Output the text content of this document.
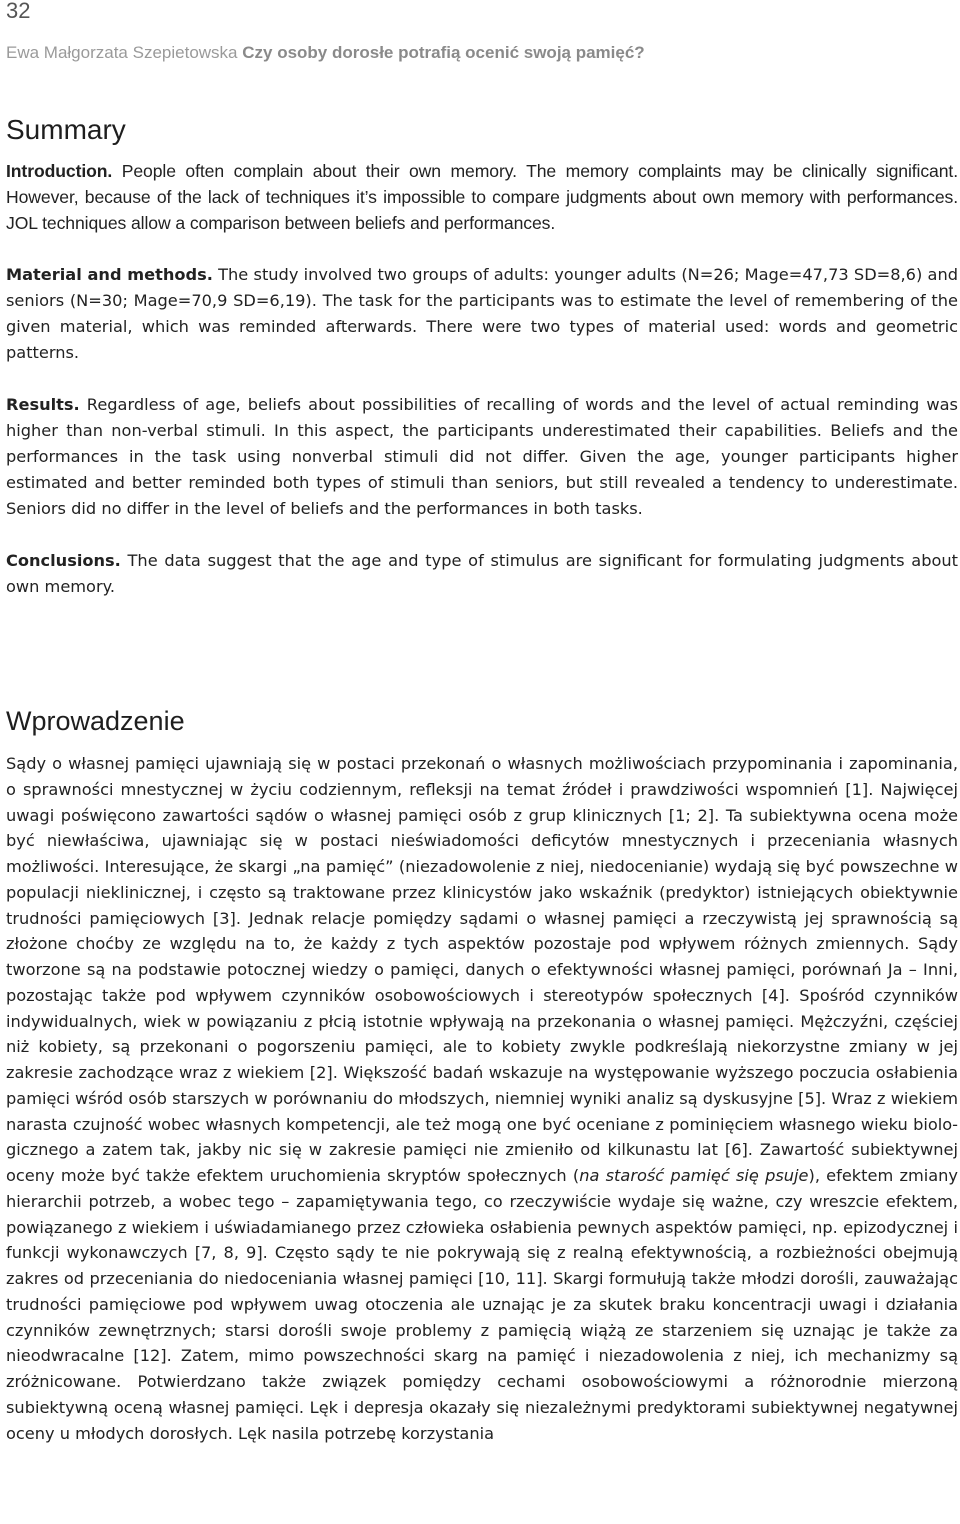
32
Ewa Małgorzata Szepietowska Czy osoby dorosłe potrafią ocenić swoją pamięć?
Summary

Introduction. People often complain about their own memory. The memory complaints may be clinically significant. However, because of the lack of techniques it’s impossible to compare judgments about own memory with performances. JOL techniques allow a comparison between beliefs and performances.

Material and methods. The study involved two groups of adults: younger adults (N=26; Mage=47,73 SD=8,6) and seniors (N=30; Mage=70,9 SD=6,19). The task for the participants was to estimate the level of remembering of the given material, which was reminded afterwards. There were two types of material used: words and geometric patterns.

Results. Regardless of age, beliefs about possibilities of recalling of words and the level of actual reminding was higher than non-verbal stimuli. In this aspect, the participants underestimated their capabilities. Beliefs and the performances in the task using nonverbal stimuli did not differ. Given the age, younger participants higher estimated and better reminded both types of stimuli than seniors, but still revealed a tendency to underestimate. Seniors did no differ in the level of beliefs and the performances in both tasks.

Conclusions. The data suggest that the age and type of stimulus are significant for formulating judgments about own memory.

Wprowadzenie

Sądy o własnej pamięci ujawniają się w postaci przekonań o własnych możliwościach przypominania i zapominania, o sprawności mnestycznej w życiu codziennym, refleksji na temat źródeł i prawdziwości wspomnień [1]. Najwięcej uwagi poświęcono zawartości sądów o własnej pamięci osób z grup klinicznych [1; 2]. Ta subiektywna ocena może być niewłaściwa, ujawniając się w postaci nieświadomości deficytów mnestycznych i przeceniania własnych możliwości. Interesujące, że skargi „na pamięć” (niezadowolenie z niej, niedocenianie) wydają się być powszechne w populacji nieklinicznej, i często są traktowane przez klinicystów jako wskaźnik (predyktor) istniejących obiektywnie trudności pamięciowych [3]. Jednak relacje pomiędzy sądami o własnej pamięci a rzeczywistą jej sprawnością są złożone choćby ze względu na to, że każdy z tych aspektów pozostaje pod wpływem różnych zmiennych. Sądy tworzone są na podstawie potocznej wiedzy o pamięci, danych o efektywności własnej pamięci, porównań Ja – Inni, pozostając także pod wpływem czynników osobowościowych i stereotypów społecznych [4]. Spośród czynników indywidualnych, wiek w powiązaniu z płcią istotnie wpływają na przekonania o własnej pamięci. Mężczyźni, częściej niż kobiety, są przekonani o pogorszeniu pamięci, ale to kobiety zwykle podkreślają niekorzystne zmiany w jej zakresie zachodzące wraz z wiekiem [2]. Większość badań wskazuje na występowanie wyższego poczucia osłabienia pamięci wśród osób starszych w porównaniu do młodszych, niemniej wyniki analiz są dyskusyjne [5]. Wraz z wiekiem narasta czujność wobec własnych kompetencji, ale też mogą one być oceniane z pominięciem własnego wieku biologicznego a zatem tak, jakby nic się w zakresie pamięci nie zmieniło od kilkunastu lat [6]. Zawartość subiektywnej oceny może być także efektem uruchomienia skryptów społecznych (na starość pamięć się psuje), efektem zmiany hierarchii potrzeb, a wobec tego – zapamiętywania tego, co rzeczywiście wydaje się ważne, czy wreszcie efektem, powiązanego z wiekiem i uświadamianego przez człowieka osłabienia pewnych aspektów pamięci, np. epizodycznej i funkcji wykonawczych [7, 8, 9]. Często sądy te nie pokrywają się z realną efektywnością, a rozbieżności obejmują zakres od przeceniania do niedoceniania własnej pamięci [10, 11]. Skargi formułują także młodzi dorośli, zauważając trudności pamięciowe pod wpływem uwag otoczenia ale uznając je za skutek braku koncentracji uwagi i działania czynników zewnętrznych; starsi dorośli swoje problemy z pamięcią wiążą ze starzeniem się uznając je także za nieodwracalne [12]. Zatem, mimo powszechności skarg na pamięć i niezadowolenia z niej, ich mechanizmy są zróżnicowane. Potwierdzano także związek pomiędzy cechami osobowościowymi a różnorodnie mierzoną subiektywną oceną własnej pamięci. Lęk i depresja okazały się niezależnymi predyktorami subiektywnej negatywnej oceny u młodych dorosłych. Lęk nasila potrzebę korzystania
